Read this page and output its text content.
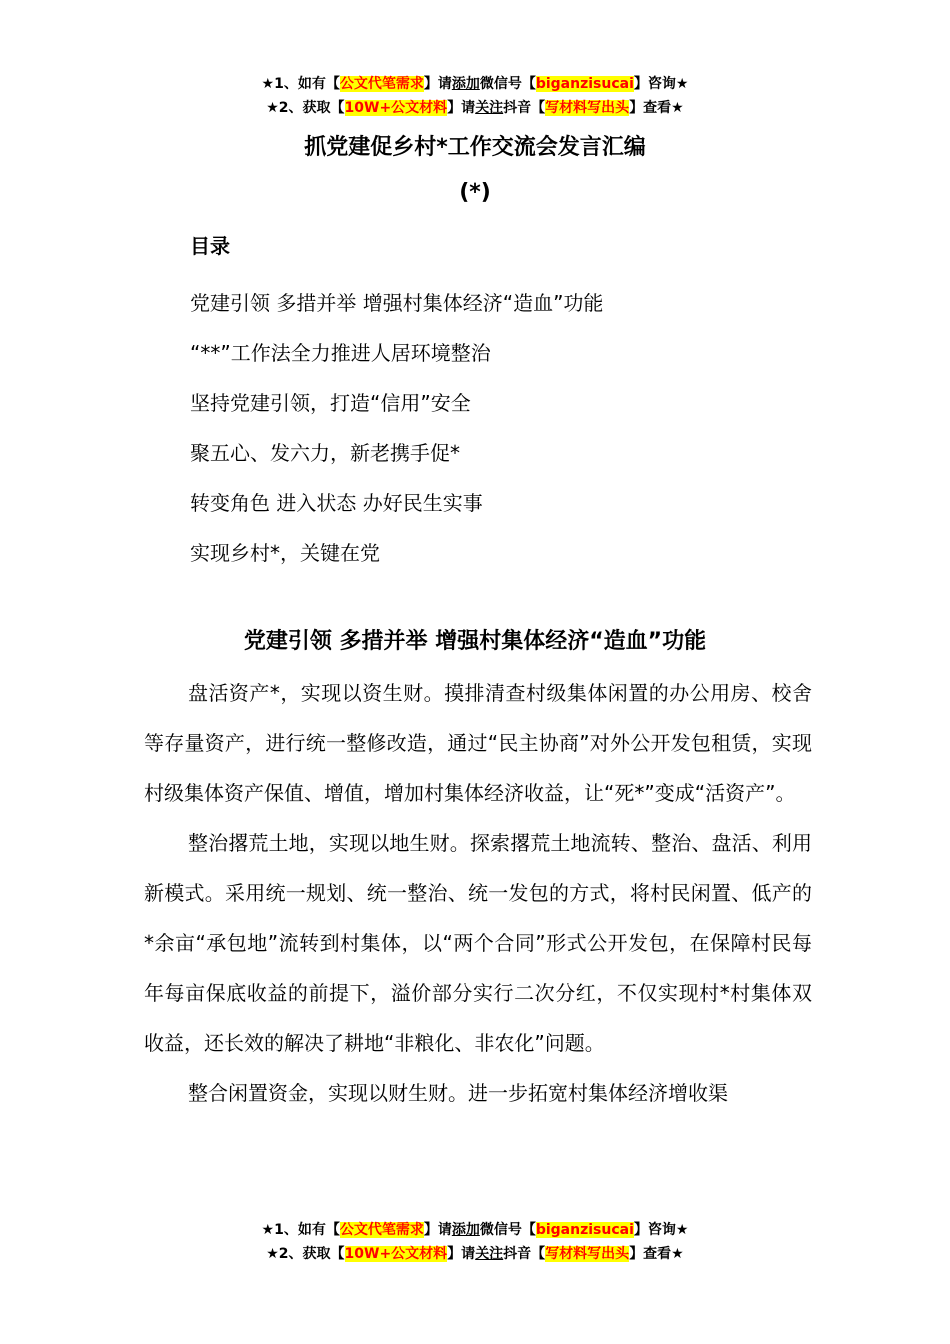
★1、如有【公文代笔需求】请添加微信号【biganzisucai】咨询★
★2、获取【10W+公文材料】请关注抖音【写材料写出头】查看★
抓党建促乡村*工作交流会发言汇编
(*)
目录
党建引领 多措并举 增强村集体经济“造血”功能
“**”工作法全力推进人居环境整治
坚持党建引领，打造“信用”安全
聚五心、发六力，新老携手促*
转变角色 进入状态 办好民生实事
实现乡村*，关键在党
党建引领 多措并举 增强村集体经济“造血”功能

盘活资产*，实现以资生财。摸排清查村级集体闲置的办公用房、校舍等存量资产，进行统一整修改造，通过“民主协商”对外公开发包租赁，实现村级集体资产保值、增值，增加村集体经济收益，让“死*”变成“活资产”。

整治撂荒土地，实现以地生财。探索撂荒土地流转、整治、盘活、利用新模式。采用统一规划、统一整治、统一发包的方式，将村民闲置、低产的*余亩“承包地”流转到村集体，以“两个合同”形式公开发包，在保障村民每年每亩保底收益的前提下，溢价部分实行二次分红，不仅实现村*村集体双收益，还长效的解决了耕地“非粮化、非农化”问题。

整合闲置资金，实现以财生财。进一步拓宽村集体经济增收渠

★1、如有【公文代笔需求】请添加微信号【biganzisucai】咨询★
★2、获取【10W+公文材料】请关注抖音【写材料写出头】查看★
